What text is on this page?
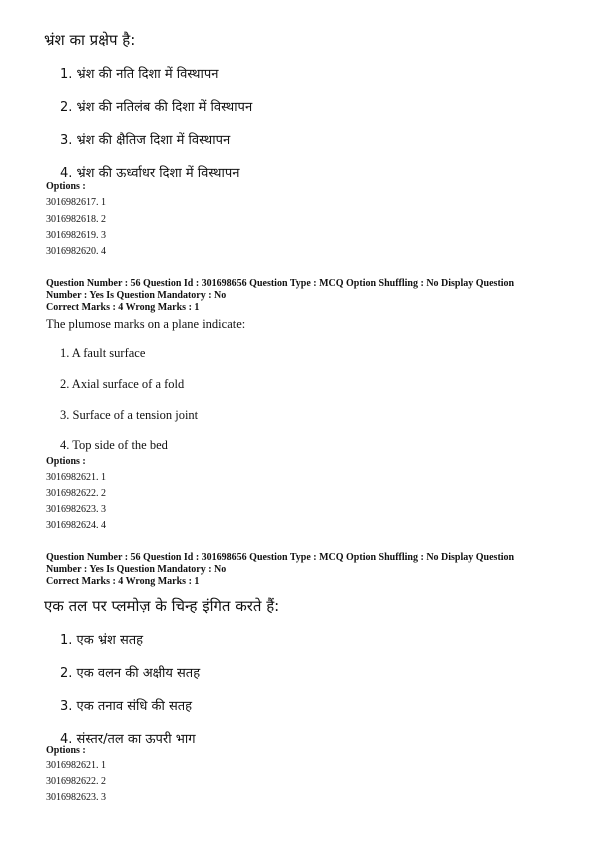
भ्रंश का प्रक्षेप है:
1. भ्रंश की नति दिशा में विस्थापन
2. भ्रंश की नतिलंब की दिशा में विस्थापन
3. भ्रंश की क्षैतिज दिशा में विस्थापन
4. भ्रंश की ऊर्ध्वाधर दिशा में विस्थापन
Options :
3016982617. 1
3016982618. 2
3016982619. 3
3016982620. 4
Question Number : 56 Question Id : 301698656 Question Type : MCQ Option Shuffling : No Display Question
Number : Yes Is Question Mandatory : No
Correct Marks : 4 Wrong Marks : 1
The plumose marks on a plane indicate:
1. A fault surface
2. Axial surface of a fold
3. Surface of a tension joint
4. Top side of the bed
Options :
3016982621. 1
3016982622. 2
3016982623. 3
3016982624. 4
Question Number : 56 Question Id : 301698656 Question Type : MCQ Option Shuffling : No Display Question
Number : Yes Is Question Mandatory : No
Correct Marks : 4 Wrong Marks : 1
एक तल पर प्लमोज़ के चिन्ह इंगित करते हैं:
1. एक भ्रंश सतह
2. एक वलन की अक्षीय सतह
3. एक तनाव संधि की सतह
4. संस्तर/तल का ऊपरी भाग
Options :
3016982621. 1
3016982622. 2
3016982623. 3
